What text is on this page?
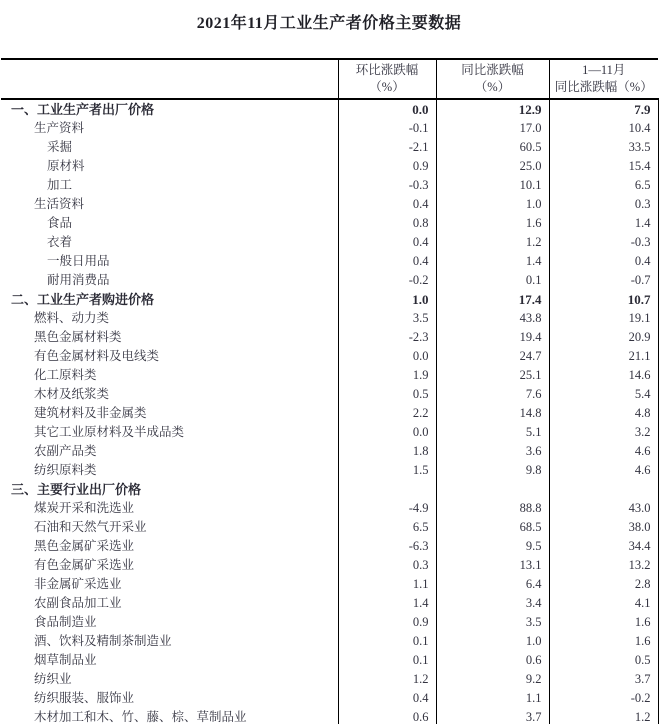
2021年11月工业生产者价格主要数据

环比涨跌幅
（%）

同比涨跌幅
（%）

1—11月
同比涨跌幅（%）

一、工业生产者出厂价格	0.0	12.9	7.9
生产资料	-0.1	17.0	10.4
采掘	-2.1	60.5	33.5
原材料	0.9	25.0	15.4
加工	-0.3	10.1	6.5
生活资料	0.4	1.0	0.3
食品	0.8	1.6	1.4
衣着	0.4	1.2	-0.3
一般日用品	0.4	1.4	0.4
耐用消费品	-0.2	0.1	-0.7
二、工业生产者购进价格	1.0	17.4	10.7
燃料、动力类	3.5	43.8	19.1
黑色金属材料类	-2.3	19.4	20.9
有色金属材料及电线类	0.0	24.7	21.1
化工原料类	1.9	25.1	14.6
木材及纸浆类	0.5	7.6	5.4
建筑材料及非金属类	2.2	14.8	4.8
其它工业原材料及半成品类	0.0	5.1	3.2
农副产品类	1.8	3.6	4.6
纺织原料类	1.5	9.8	4.6
三、主要行业出厂价格			
煤炭开采和洗选业	-4.9	88.8	43.0
石油和天然气开采业	6.5	68.5	38.0
黑色金属矿采选业	-6.3	9.5	34.4
有色金属矿采选业	0.3	13.1	13.2
非金属矿采选业	1.1	6.4	2.8
农副食品加工业	1.4	3.4	4.1
食品制造业	0.9	3.5	1.6
酒、饮料及精制茶制造业	0.1	1.0	1.6
烟草制品业	0.1	0.6	0.5
纺织业	1.2	9.2	3.7
纺织服装、服饰业	0.4	1.1	-0.2
木材加工和木、竹、藤、棕、草制品业	0.6	3.7	1.2
